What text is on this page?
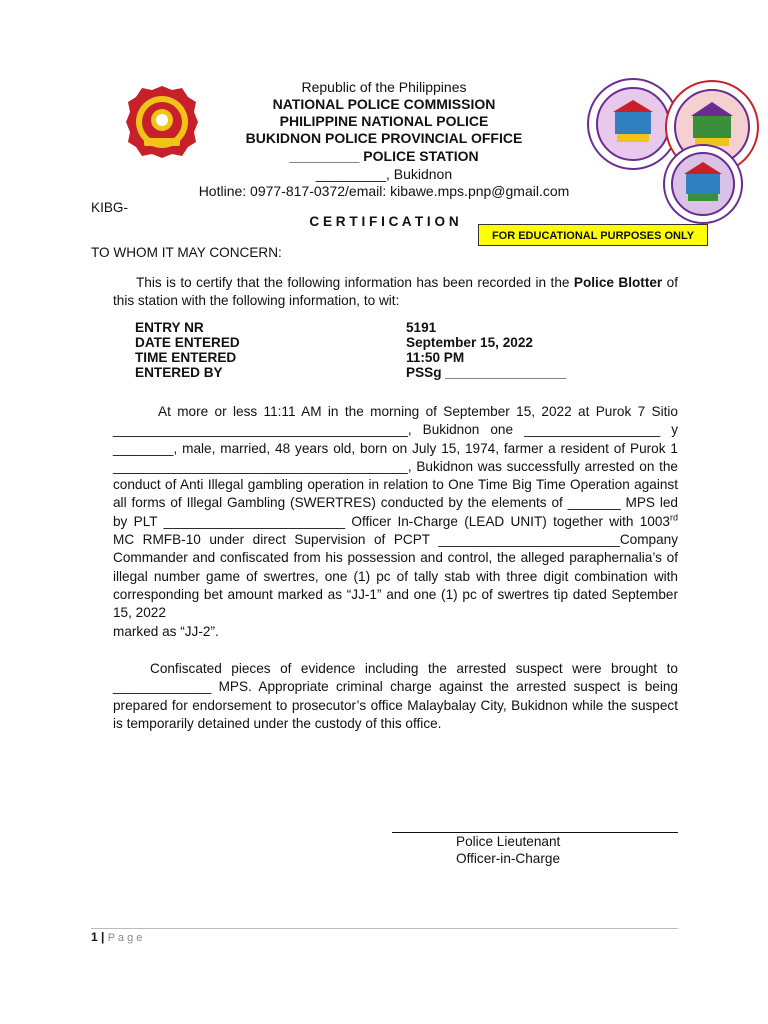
Republic of the Philippines
NATIONAL POLICE COMMISSION
PHILIPPINE NATIONAL POLICE
BUKIDNON POLICE PROVINCIAL OFFICE
_________ POLICE STATION
_________, Bukidnon
Hotline: 0977-817-0372/email: kibawe.mps.pnp@gmail.com
KIBG-
C E R T I F I C A T I O N
FOR EDUCATIONAL PURPOSES ONLY
TO WHOM IT MAY CONCERN:

This is to certify that the following information has been recorded in the Police Blotter of this station with the following information, to wit:

ENTRY NR	5191
DATE ENTERED	September 15, 2022
TIME ENTERED	11:50 PM
ENTERED BY	PSSg ________________

At more or less 11:11 AM in the morning of September 15, 2022 at Purok 7 Sitio _______________________________________, Bukidnon one __________________ y ________, male, married, 48 years old, born on July 15, 1974, farmer a resident of Purok 1 _______________________________________, Bukidnon was successfully arrested on the conduct of Anti Illegal gambling operation in relation to One Time Big Time Operation against all forms of Illegal Gambling (SWERTRES) conducted by the elements of _______ MPS led by PLT ________________________ Officer In-Charge (LEAD UNIT) together with 1003rd MC RMFB-10 under direct Supervision of PCPT ________________________Company Commander and confiscated from his possession and control, the alleged paraphernalia’s of illegal number game of swertres, one (1) pc of tally stab with three digit combination with corresponding bet amount marked as “JJ-1” and one (1) pc of swertres tip dated September 15, 2022

marked as “JJ-2”.

Confiscated pieces of evidence including the arrested suspect were brought to _____________ MPS. Appropriate criminal charge against the arrested suspect is being prepared for endorsement to prosecutor’s office Malaybalay City, Bukidnon while the suspect is temporarily detained under the custody of this office.

Police Lieutenant
Officer-in-Charge
1 | P a g e
